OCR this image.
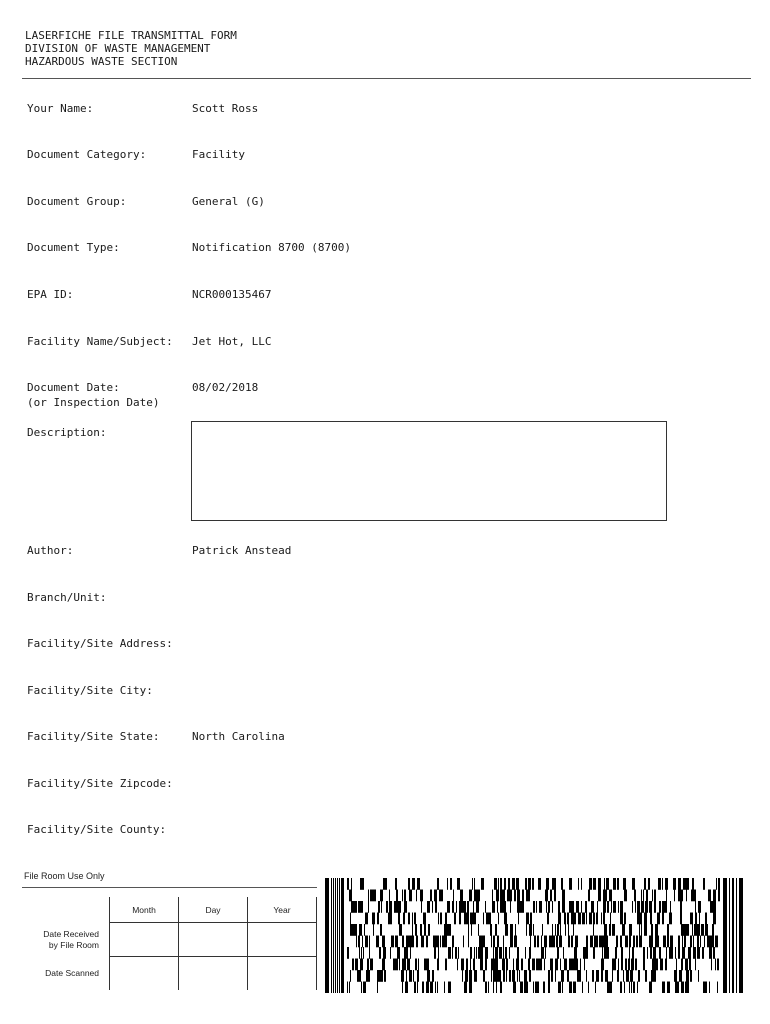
LASERFICHE FILE TRANSMITTAL FORM
DIVISION OF WASTE MANAGEMENT
HAZARDOUS WASTE SECTION
Your Name:	Scott Ross
Document Category:	Facility
Document Group:	General (G)
Document Type:	Notification 8700 (8700)
EPA ID:	NCR000135467
Facility Name/Subject: Jet Hot, LLC
Document Date:
(or Inspection Date)
08/02/2018
Description:
Author:	Patrick Anstead
Branch/Unit:
Facility/Site Address:
Facility/Site City:
Facility/Site State:	North Carolina
Facility/Site Zipcode:
Facility/Site County:
File Room Use Only
	Month	Day	Year
Date Received
by File Room			
Date Scanned			
